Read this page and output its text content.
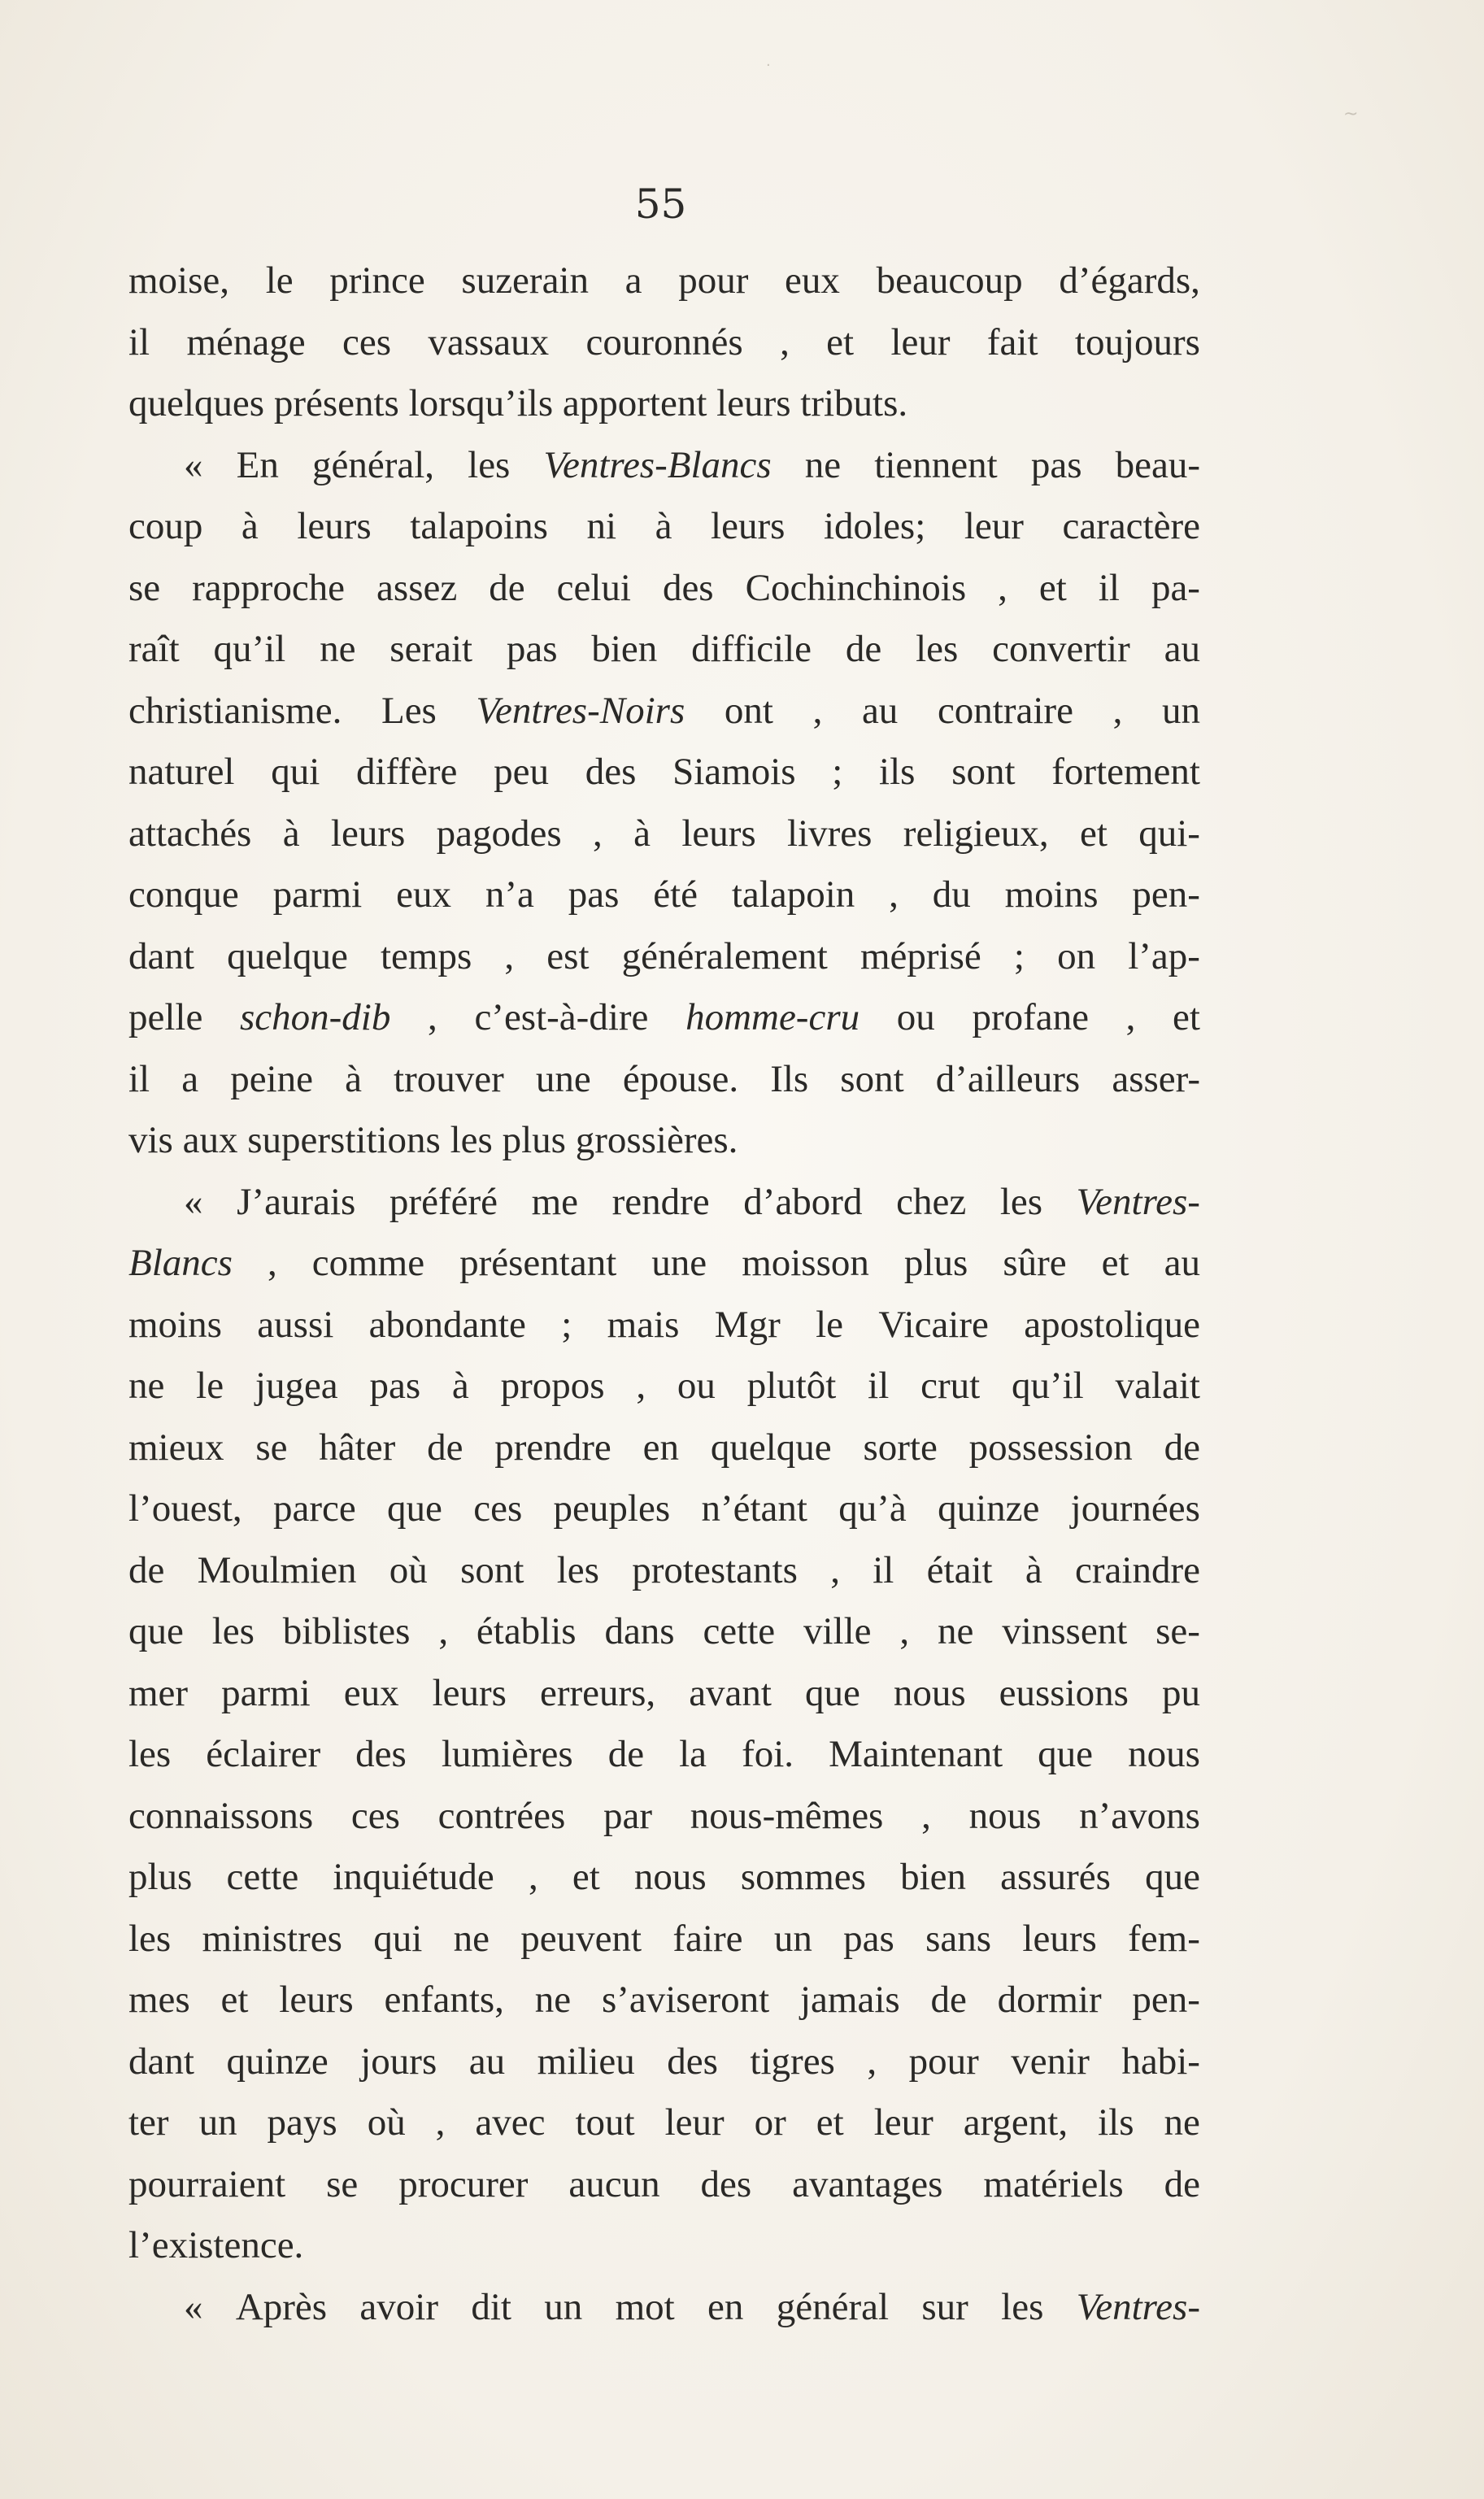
~
·
55
moise, le prince suzerain a pour eux beaucoup d’égards,
il ménage ces vassaux couronnés , et leur fait toujours
quelques
présents
lorsqu’ils
apportent
leurs
tributs.
« En général, les Ventres-Blancs ne tiennent pas beau-
coup à leurs talapoins ni à leurs idoles; leur caractère
se rapproche assez de celui des Cochinchinois , et il pa-
raît qu’il ne serait pas bien difficile de les convertir au
christianisme. Les Ventres-Noirs ont , au contraire , un
naturel qui diffère peu des Siamois ; ils sont fortement
attachés à leurs pagodes , à leurs livres religieux, et qui-
conque parmi eux n’a pas été talapoin , du moins pen-
dant quelque temps , est généralement méprisé ; on l’ap-
pelle schon-dib , c’est-à-dire homme-cru ou profane , et
il a peine à trouver une épouse. Ils sont d’ailleurs asser-
vis
aux
superstitions
les
plus
grossières.
« J’aurais préféré me rendre d’abord chez les Ventres-
Blancs , comme présentant une moisson plus sûre et au
moins aussi abondante ; mais Mgr le Vicaire apostolique
ne le jugea pas à propos , ou plutôt il crut qu’il valait
mieux se hâter de prendre en quelque sorte possession de
l’ouest, parce que ces peuples n’étant qu’à quinze journées
de Moulmien où sont les protestants , il était à craindre
que les biblistes , établis dans cette ville , ne vinssent se-
mer parmi eux leurs erreurs, avant que nous eussions pu
les éclairer des lumières de la foi. Maintenant que nous
connaissons ces contrées par nous-mêmes , nous n’avons
plus cette inquiétude , et nous sommes bien assurés que
les ministres qui ne peuvent faire un pas sans leurs fem-
mes et leurs enfants, ne s’aviseront jamais de dormir pen-
dant quinze jours au milieu des tigres , pour venir habi-
ter un pays où , avec tout leur or et leur argent, ils ne
pourraient se procurer aucun des avantages matériels de
l’existence.
« Après avoir dit un mot en général sur les Ventres-
